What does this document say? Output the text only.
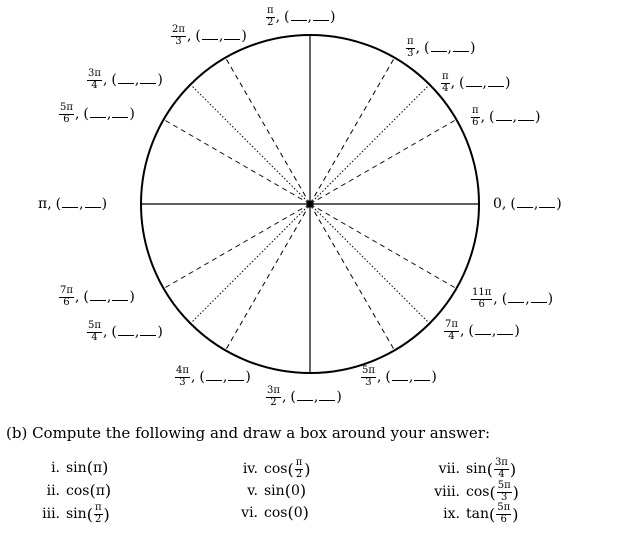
0 , ( , )
$\frac{\pi}{6}$ , ( , )
$\frac{\pi}{4}$ , ( , )
$\frac{\pi}{3}$ , ( , )
$\frac{\pi}{2}$ , ( , )
$\frac{2\pi}{3}$ , ( , )
$\frac{3\pi}{4}$ , ( , )
$\frac{5\pi}{6}$ , ( , )
π , ( , )
$\frac{7\pi}{6}$ , ( , )
$\frac{5\pi}{4}$ , ( , )
$\frac{4\pi}{3}$ , ( , )
$\frac{3\pi}{2}$ , ( , )
$\frac{5\pi}{3}$ , ( , )
$\frac{7\pi}{4}$ , ( , )
$\frac{11\pi}{6}$ , ( , )
(b) Compute the following and draw a box around your answer:
i. sin ( π )
ii. cos ( π )
iii. sin ( $\frac{\pi}{2}$ )
iv. cos ( $\frac{\pi}{2}$ )
v. sin ( 0 )
vi. cos ( 0 )
vii. sin ( $\frac{3\pi}{4}$ )
viii. cos ( $\frac{5\pi}{3}$ )
ix. tan ( $\frac{5\pi}{6}$ )
